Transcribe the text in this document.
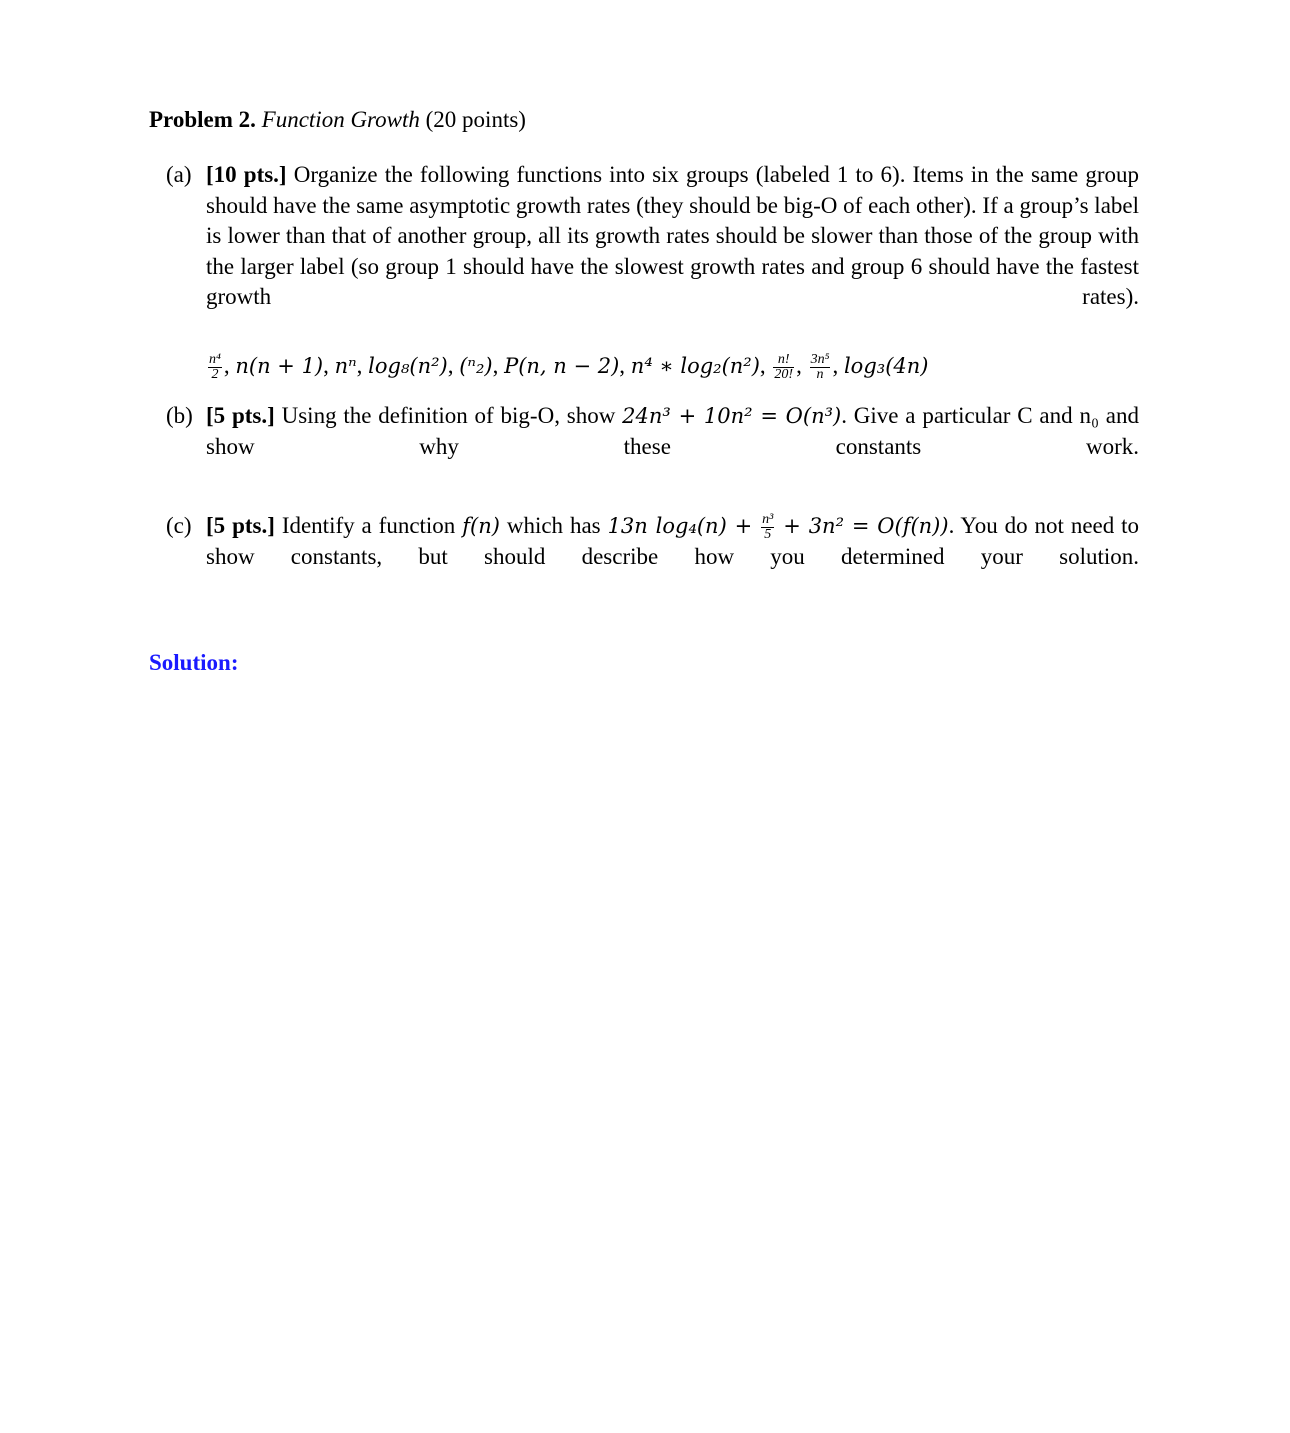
Problem 2. Function Growth (20 points)
(a) [10 pts.] Organize the following functions into six groups (labeled 1 to 6). Items in the same group should have the same asymptotic growth rates (they should be big-O of each other). If a group’s label is lower than that of another group, all its growth rates should be slower than those of the group with the larger label (so group 1 should have the slowest growth rates and group 6 should have the fastest growth rates).
$\frac{\text{n⁴}}{2}$ , n(n + 1), nⁿ, log₈(n²), (ⁿ₂), P(n, n − 2), n⁴ ∗ log₂(n²), $\frac{n!}{20!}$ , $\frac{\text{3n⁵}}{n}$ , log₃(4n)
(b) [5 pts.] Using the definition of big-O, show 24n³ + 10n² = O(n³). Give a particular C and n₀ and show why these constants work.
(c) [5 pts.] Identify a function f(n) which has 13n $\log_4(n) + \frac{\text{n³}}{5} + 3n^2 = O(f(n))$. You do not need to show constants, but should describe how you determined your solution.
Solution:
